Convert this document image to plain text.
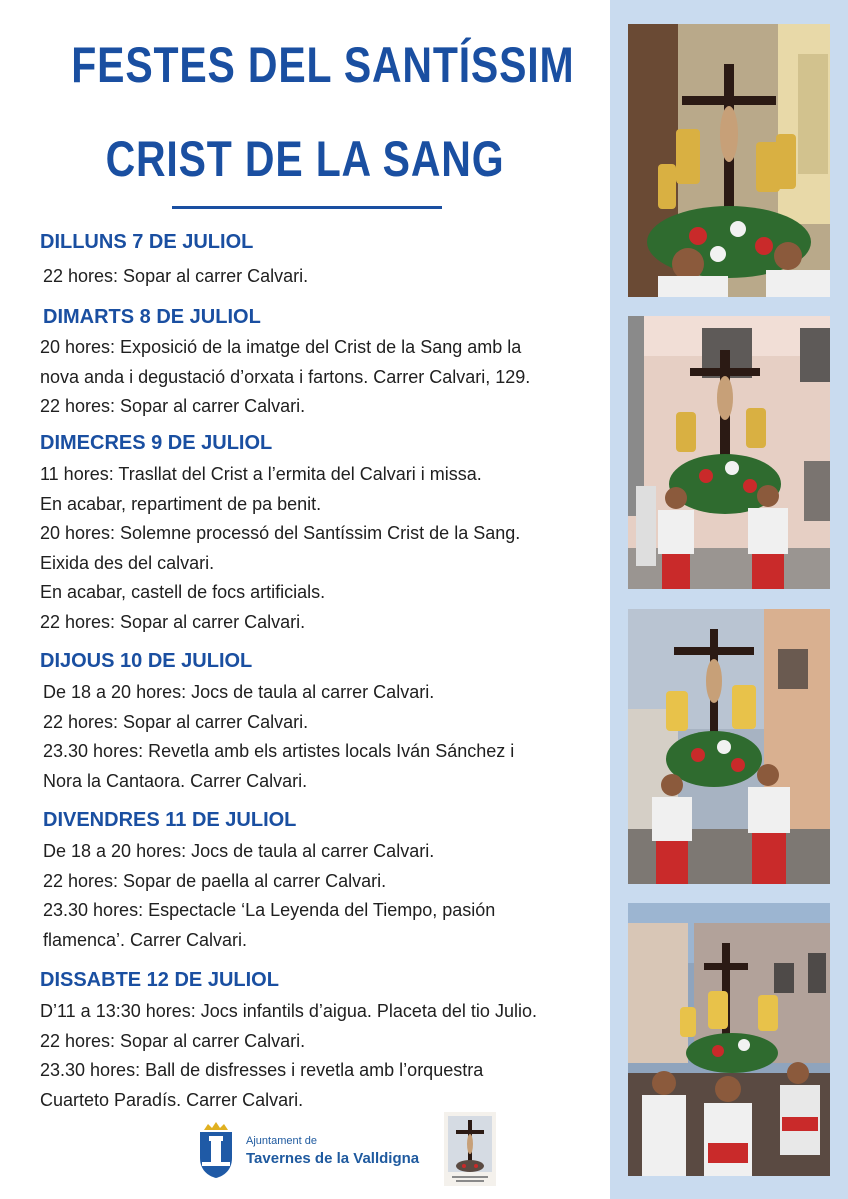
FESTES DEL SANTÍSSIM
CRIST DE LA SANG
DILLUNS 7 DE JULIOL
22 hores: Sopar al carrer Calvari.
DIMARTS 8 DE JULIOL
20 hores: Exposició de la imatge del Crist de la Sang amb la
nova anda i degustació d’orxata i fartons. Carrer Calvari, 129.
22 hores: Sopar al carrer Calvari.
DIMECRES 9 DE JULIOL
11 hores: Trasllat del Crist a l’ermita del Calvari i missa.
En acabar, repartiment de pa benit.
20 hores: Solemne processó del Santíssim Crist de la Sang.
Eixida des del calvari.
En acabar, castell de focs artificials.
22 hores: Sopar al carrer Calvari.
DIJOUS 10 DE JULIOL
De 18 a 20 hores: Jocs de taula al carrer Calvari.
22 hores: Sopar al carrer Calvari.
23.30 hores: Revetla amb els artistes locals Iván Sánchez i
Nora la Cantaora. Carrer Calvari.
DIVENDRES 11 DE JULIOL
De 18 a 20 hores: Jocs de taula al carrer Calvari.
22 hores: Sopar de paella al carrer Calvari.
23.30 hores: Espectacle ‘La Leyenda del Tiempo, pasión
flamenca’. Carrer Calvari.
DISSABTE 12 DE JULIOL
D’11 a 13:30 hores: Jocs infantils d’aigua. Placeta del tio Julio.
22 hores: Sopar al carrer Calvari.
23.30 hores: Ball de disfresses i revetla amb l’orquestra
Cuarteto Paradís. Carrer Calvari.
Ajuntament de
Tavernes de la Valldigna
